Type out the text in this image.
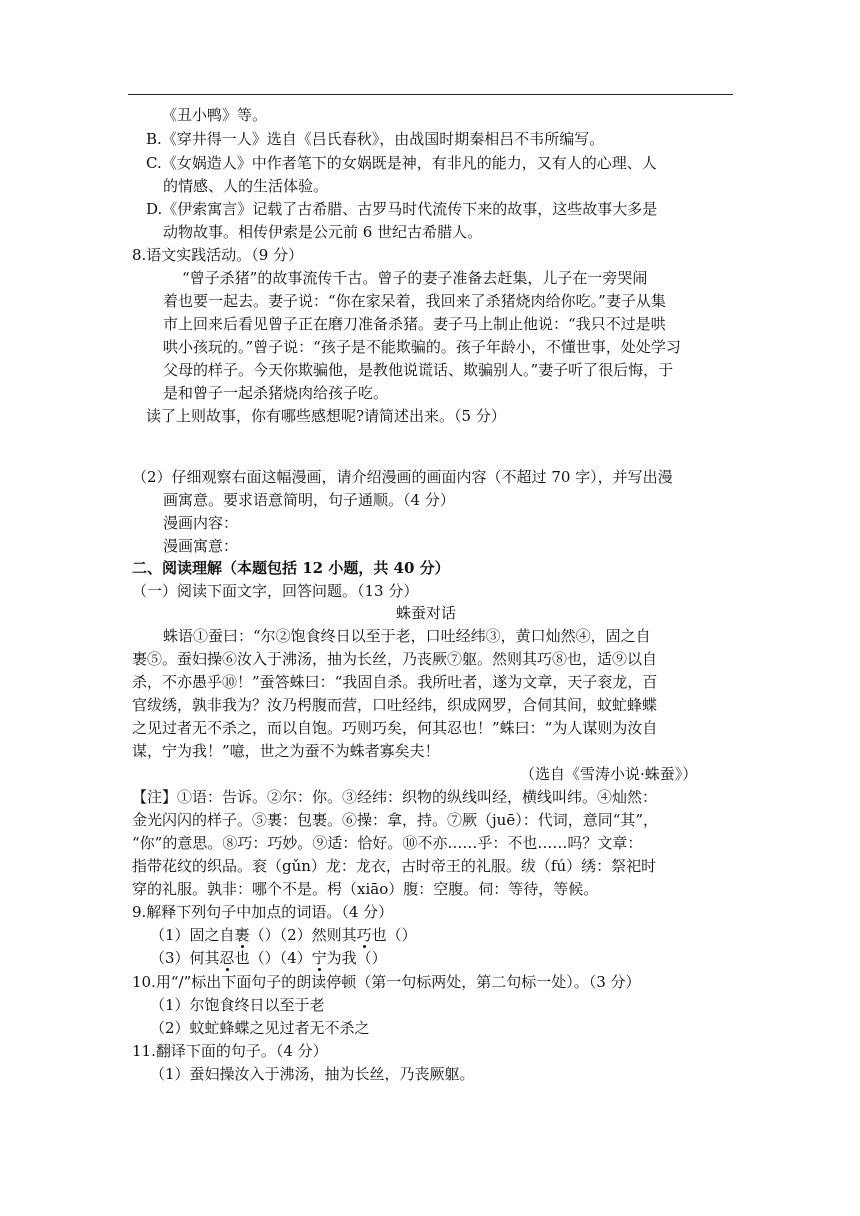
《丑小鸭》等。
B.《穿井得一人》选自《吕氏春秋》，由战国时期秦相吕不韦所编写。
C.《女娲造人》中作者笔下的女娲既是神，有非凡的能力，又有人的心理、人
的情感、人的生活体验。
D.《伊索寓言》记载了古希腊、古罗马时代流传下来的故事，这些故事大多是
动物故事。相传伊索是公元前 6 世纪古希腊人。
8.语文实践活动。（9 分）
“曾子杀猪”的故事流传千古。曾子的妻子准备去赶集，儿子在一旁哭闹
着也要一起去。妻子说：“你在家呆着，我回来了杀猪烧肉给你吃。”妻子从集
市上回来后看见曾子正在磨刀准备杀猪。妻子马上制止他说：“我只不过是哄
哄小孩玩的。”曾子说：“孩子是不能欺骗的。孩子年龄小，不懂世事，处处学习
父母的样子。今天你欺骗他，是教他说谎话、欺骗别人。”妻子听了很后悔，于
是和曾子一起杀猪烧肉给孩子吃。
读了上则故事，你有哪些感想呢?请简述出来。（5 分）
（2）仔细观察右面这幅漫画，请介绍漫画的画面内容（不超过 70 字），并写出漫
画寓意。要求语意简明，句子通顺。（4 分）
漫画内容：
漫画寓意：
二、阅读理解（本题包括 12 小题，共 40 分）
（一）阅读下面文字，回答问题。（13 分）
蛛蚕对话
蛛语①蚕曰：“尔②饱食终日以至于老，口吐经纬③，黄口灿然④，固之自
裹⑤。蚕妇操⑥汝入于沸汤，抽为长丝，乃丧厥⑦躯。然则其巧⑧也，适⑨以自
杀，不亦愚乎⑩！”蚕答蛛曰：“我固自杀。我所吐者，遂为文章，天子衮龙，百
官绂绣，孰非我为？汝乃枵腹而营，口吐经纬，织成网罗，合伺其间，蚊虻蜂蝶
之见过者无不杀之，而以自饱。巧则巧矣，何其忍也！”蛛曰：“为人谋则为汝自
谋，宁为我！”噫，世之为蚕不为蛛者寡矣夫！
（选自《雪涛小说·蛛蚕》）
【注】①语：告诉。②尔：你。③经纬：织物的纵线叫经，横线叫纬。④灿然：
金光闪闪的样子。⑤裹：包裹。⑥操：拿，持。⑦厥（juē）：代词，意同“其”，
“你”的意思。⑧巧：巧妙。⑨适：恰好。⑩不亦……乎：不也……吗？文章：
指带花纹的织品。衮（gǔn）龙：龙衣，古时帝王的礼服。绂（fú）绣：祭祀时
穿的礼服。孰非：哪个不是。枵（xiāo）腹：空腹。伺：等待，等候。
9.解释下列句子中加点的词语。（4 分）
（1）固之自裹（）（2）然则其巧也（）
（3）何其忍也（）（4）宁为我（）
10.用“/”标出下面句子的朗读停顿（第一句标两处，第二句标一处）。（3 分）
（1）尔饱食终日以至于老
（2）蚊虻蜂蝶之见过者无不杀之
11.翻译下面的句子。（4 分）
（1）蚕妇操汝入于沸汤，抽为长丝，乃丧厥躯。
